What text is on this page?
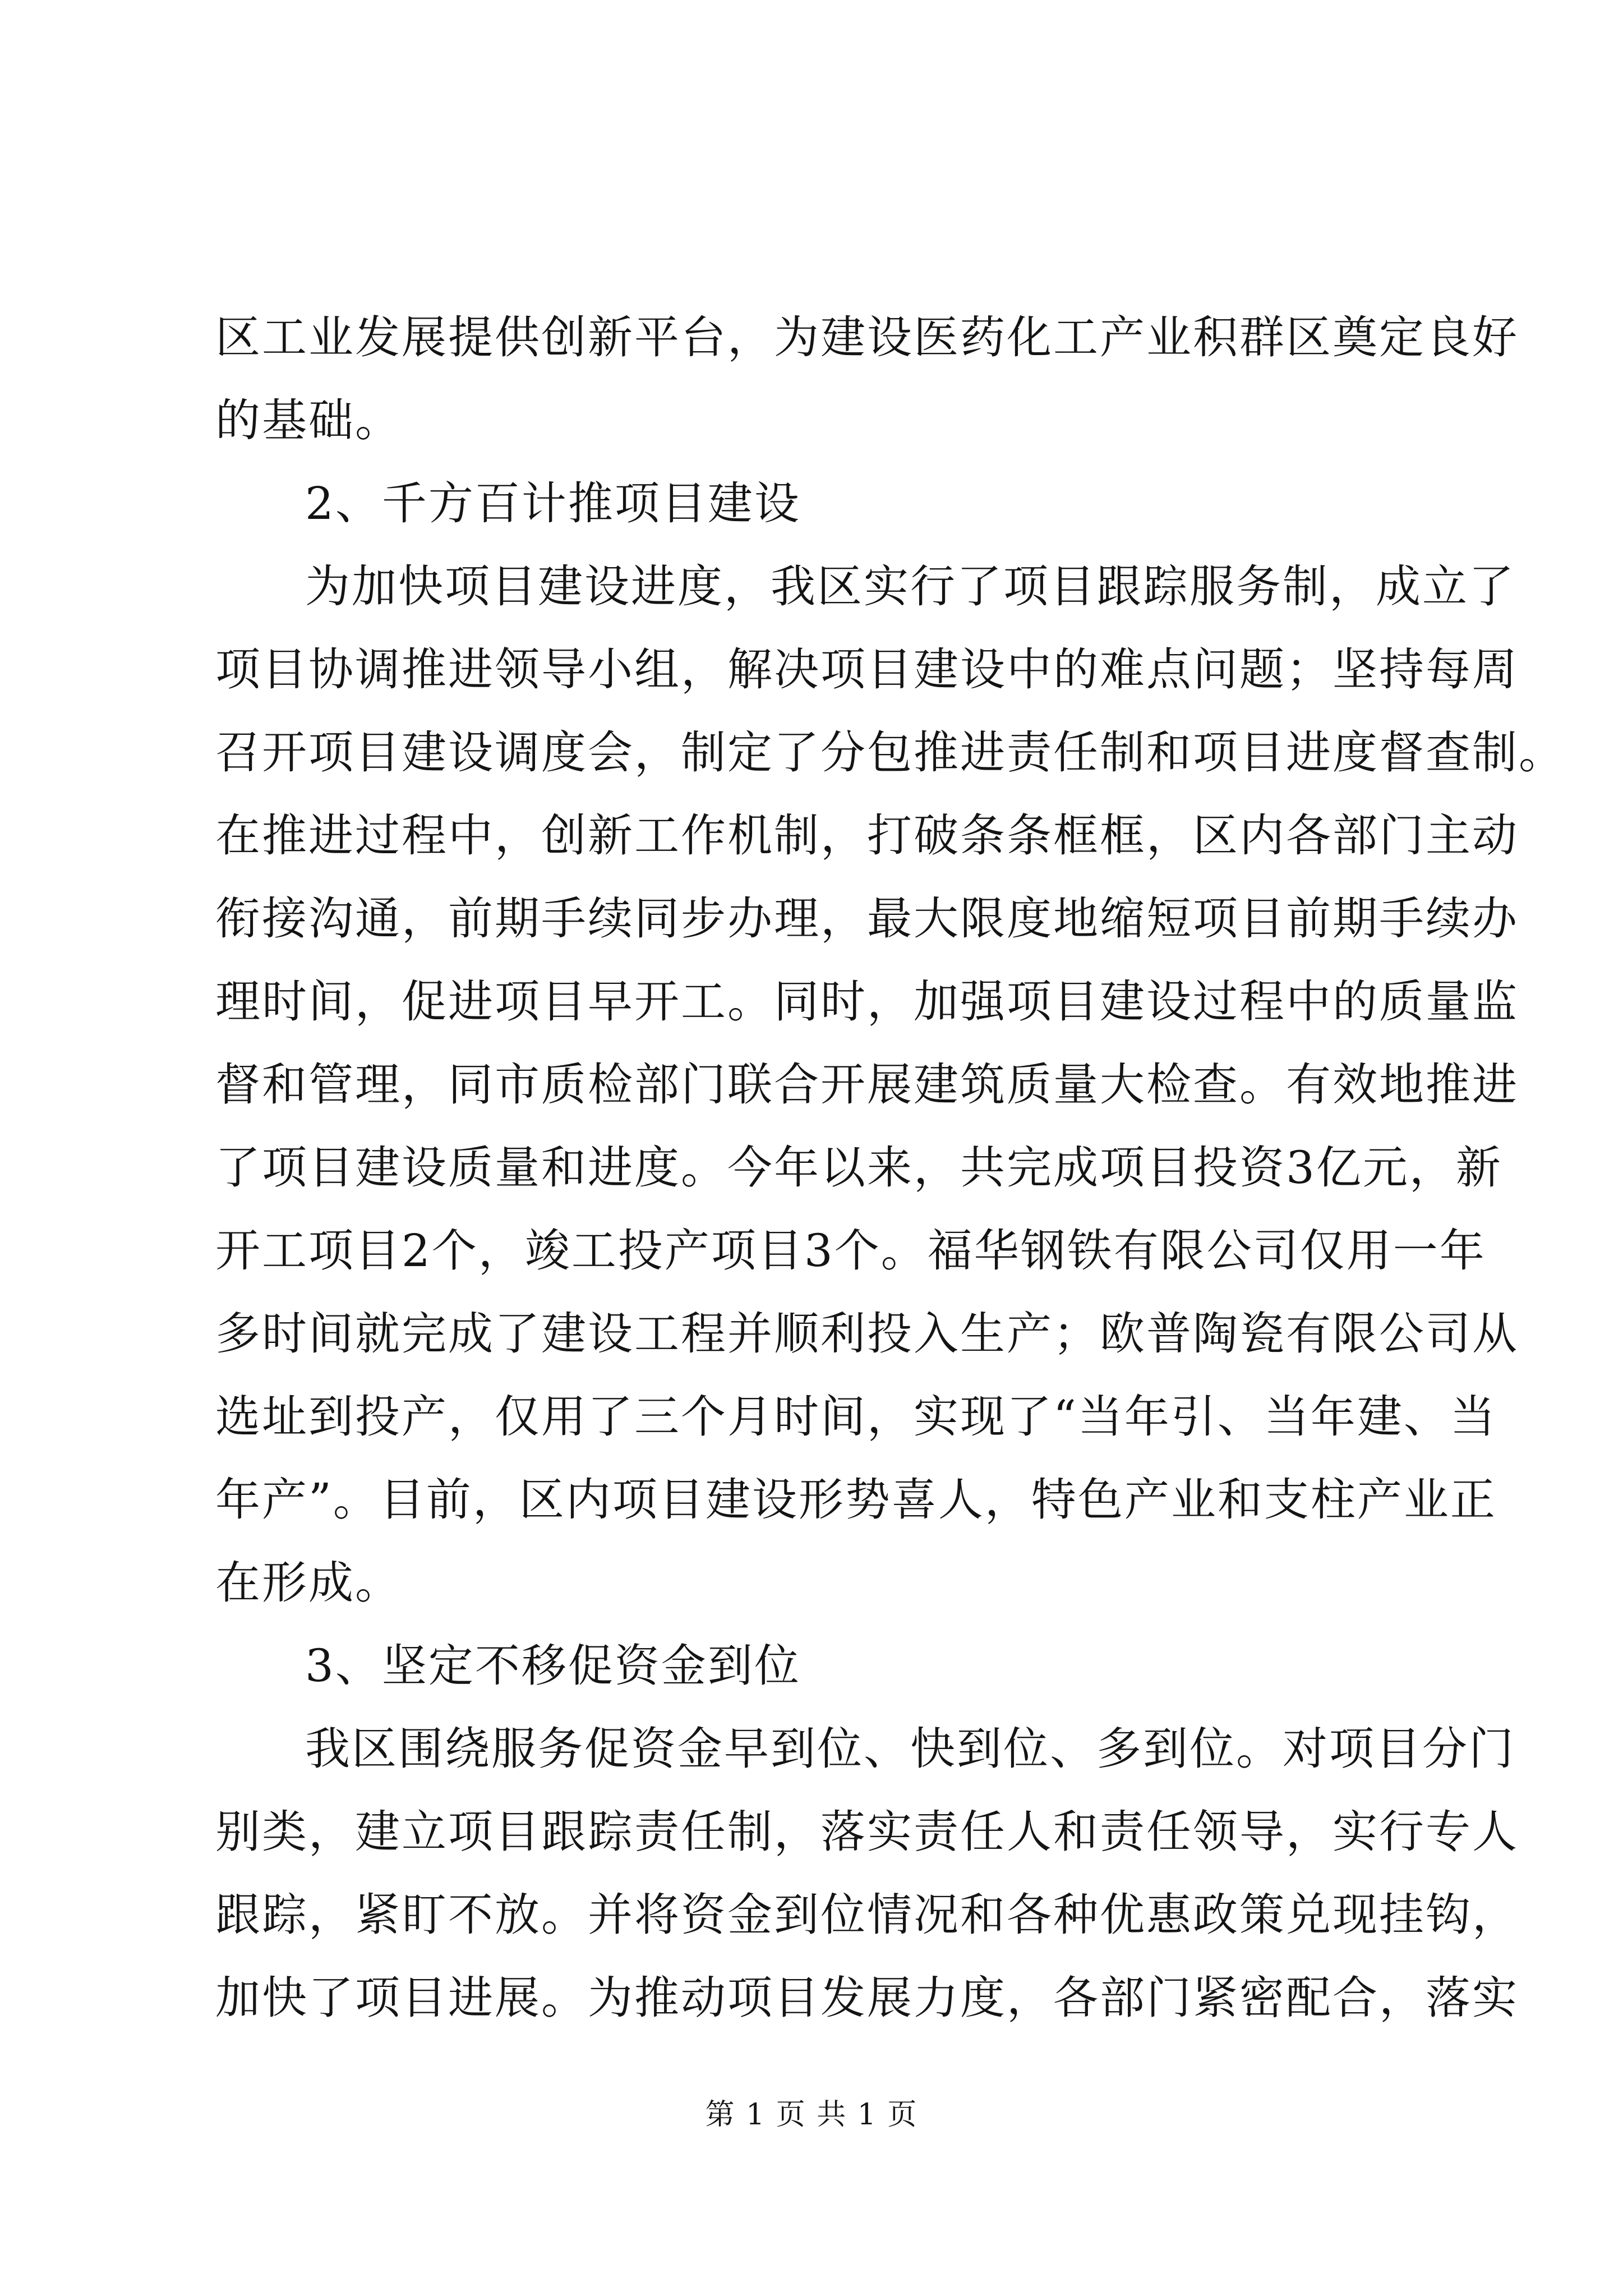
区工业发展提供创新平台，为建设医药化工产业积群区奠定良好
的基础。
2、千方百计推项目建设
为加快项目建设进度，我区实行了项目跟踪服务制，成立了
项目协调推进领导小组，解决项目建设中的难点问题；坚持每周
召开项目建设调度会，制定了分包推进责任制和项目进度督查制。
在推进过程中，创新工作机制，打破条条框框，区内各部门主动
衔接沟通，前期手续同步办理，最大限度地缩短项目前期手续办
理时间，促进项目早开工。同时，加强项目建设过程中的质量监
督和管理，同市质检部门联合开展建筑质量大检查。有效地推进
了项目建设质量和进度。今年以来，共完成项目投资3亿元，新
开工项目2个，竣工投产项目3个。福华钢铁有限公司仅用一年
多时间就完成了建设工程并顺利投入生产；欧普陶瓷有限公司从
选址到投产，仅用了三个月时间，实现了“当年引、当年建、当
年产”。目前，区内项目建设形势喜人，特色产业和支柱产业正
在形成。
3、坚定不移促资金到位
我区围绕服务促资金早到位、快到位、多到位。对项目分门
别类，建立项目跟踪责任制，落实责任人和责任领导，实行专人
跟踪，紧盯不放。并将资金到位情况和各种优惠政策兑现挂钩，
加快了项目进展。为推动项目发展力度，各部门紧密配合，落实
第 1 页 共 1 页
